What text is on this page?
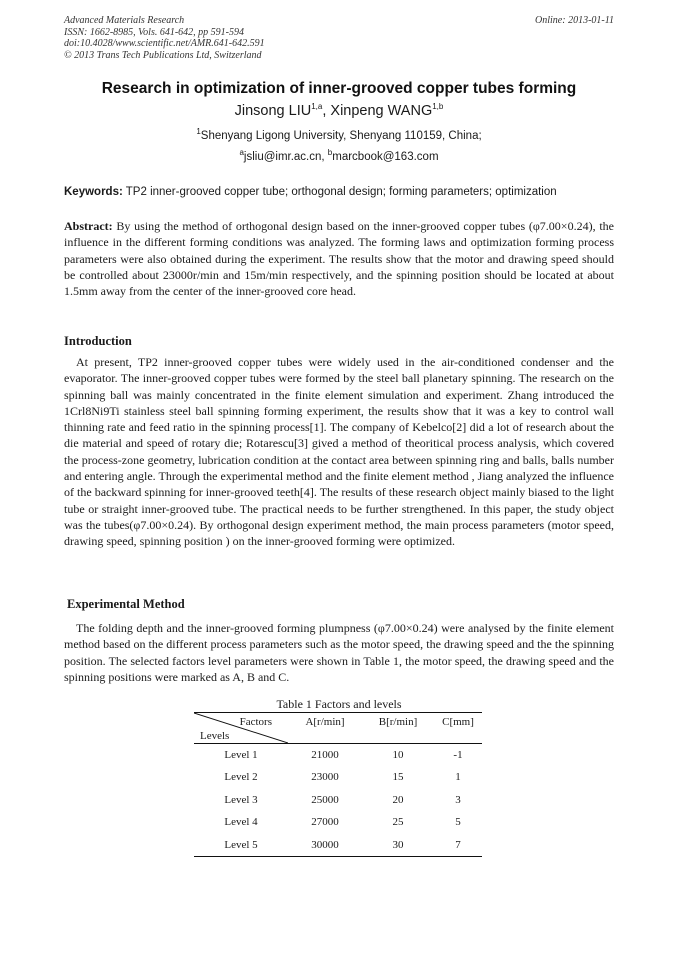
Advanced Materials Research
ISSN: 1662-8985, Vols. 641-642, pp 591-594
doi:10.4028/www.scientific.net/AMR.641-642.591
© 2013 Trans Tech Publications Ltd, Switzerland
Online: 2013-01-11
Research in optimization of inner-grooved copper tubes forming
Jinsong LIU$^{1,a}$, Xinpeng WANG$^{1,b}$
$^1$Shenyang Ligong University, Shenyang 110159, China;
$^a$jsliu@imr.ac.cn, $^b$marcbook@163.com
Keywords: TP2 inner-grooved copper tube; orthogonal design; forming parameters; optimization
Abstract: By using the method of orthogonal design based on the inner-grooved copper tubes (φ7.00×0.24), the influence in the different forming conditions was analyzed. The forming laws and optimization forming process parameters were also obtained during the experiment. The results show that the motor and drawing speed should be controlled about 23000r/min and 15m/min respectively, and the spinning position should be located at about 1.5mm away from the center of the inner-grooved core head.
Introduction
At present, TP2 inner-grooved copper tubes were widely used in the air-conditioned condenser and the evaporator. The inner-grooved copper tubes were formed by the steel ball planetary spinning. The research on the spinning ball was mainly concentrated in the finite element simulation and experiment. Zhang introduced the 1Crl8Ni9Ti stainless steel ball spinning forming experiment, the results show that it was a key to control wall thinning rate and feed ratio in the spinning process[1]. The company of Kebelco[2] did a lot of research about the die material and speed of rotary die; Rotarescu[3] gived a method of theoritical process analysis, which covered the process-zone geometry, lubrication condition at the contact area between spinning ring and balls, balls number and entering angle. Through the experimental method and the finite element method , Jiang analyzed the influence of the backward spinning for inner-grooved teeth[4]. The results of these research object mainly biased to the light tube or straight inner-grooved tube. The practical needs to be further strengthened. In this paper, the study object was the tubes(φ7.00×0.24). By orthogonal design experiment method, the main process parameters (motor speed, drawing speed, spinning position ) on the inner-grooved forming were optimized.
Experimental Method
The folding depth and the inner-grooved forming plumpness (φ7.00×0.24) were analysed by the finite element method based on the different process parameters such as the motor speed, the drawing speed and the the spinning position. The selected factors level parameters were shown in Table 1, the motor speed, the drawing speed and the spinning positions were marked as A, B and C.
Table 1 Factors and levels
Factors
Levels	A[r/min]	B[r/min]	C[mm]
Level 1	21000	10	-1
Level 2	23000	15	1
Level 3	25000	20	3
Level 4	27000	25	5
Level 5	30000	30	7
